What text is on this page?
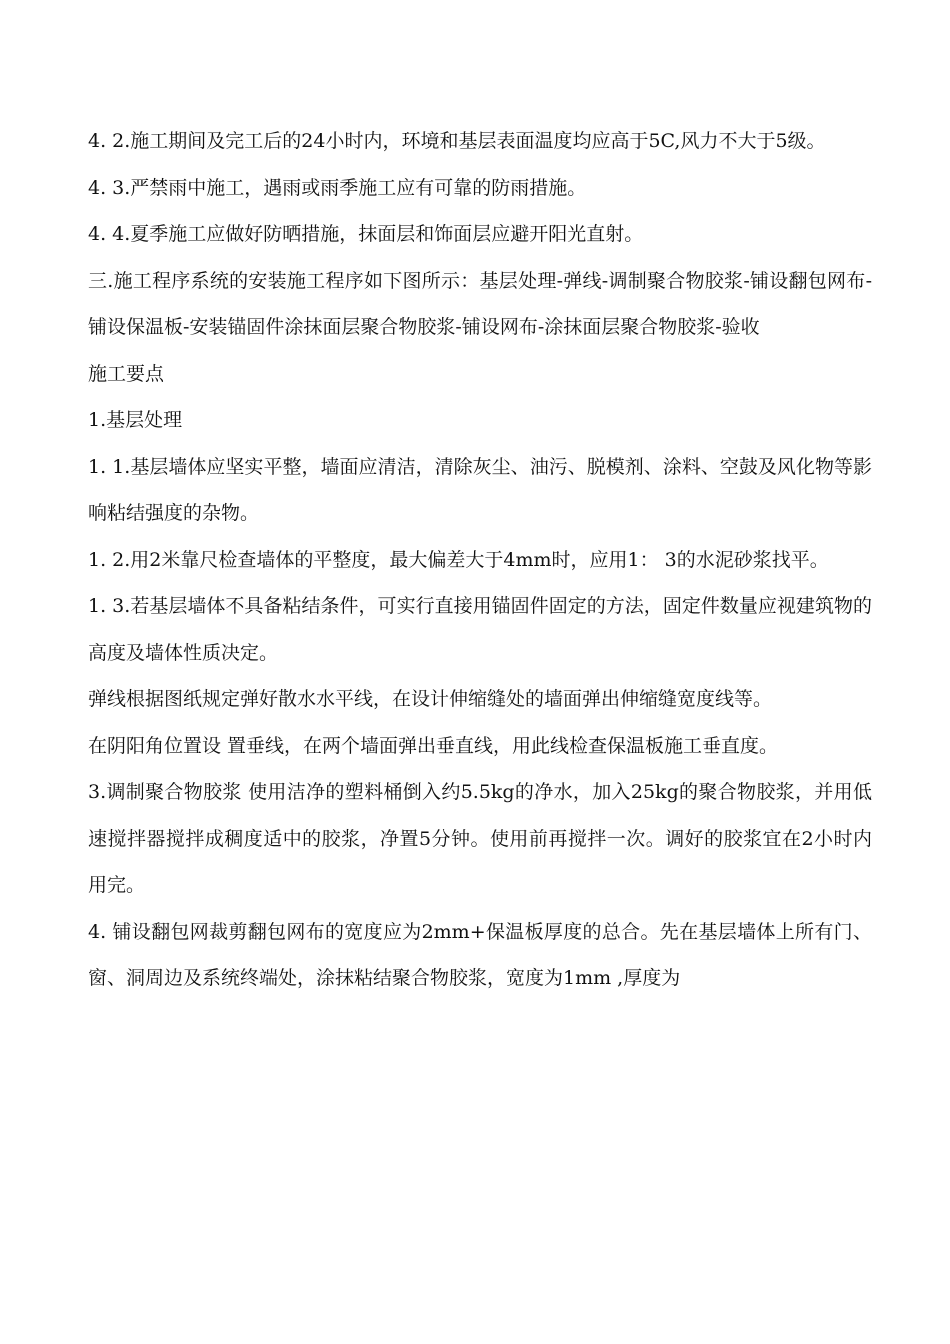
4. 2.施工期间及完工后的24小时内，环境和基层表面温度均应高于5C,风力不大于5级。

4. 3.严禁雨中施工，遇雨或雨季施工应有可靠的防雨措施。

4. 4.夏季施工应做好防晒措施，抹面层和饰面层应避开阳光直射。

三.施工程序系统的安装施工程序如下图所示：基层处理-弹线-调制聚合物胶浆-铺设翻包网布-铺设保温板-安装锚固件涂抹面层聚合物胶浆-铺设网布-涂抹面层聚合物胶浆-验收

施工要点

1.基层处理

1. 1.基层墙体应坚实平整，墙面应清洁，清除灰尘、油污、脱模剂、涂料、空鼓及风化物等影响粘结强度的杂物。

1. 2.用2米靠尺检查墙体的平整度，最大偏差大于4mm时，应用1： 3的水泥砂浆找平。

1. 3.若基层墙体不具备粘结条件，可实行直接用锚固件固定的方法，固定件数量应视建筑物的高度及墙体性质决定。

弹线根据图纸规定弹好散水水平线，在设计伸缩缝处的墙面弹出伸缩缝宽度线等。

在阴阳角位置设 置垂线，在两个墙面弹出垂直线，用此线检查保温板施工垂直度。

3.调制聚合物胶浆 使用洁净的塑料桶倒入约5.5kg的净水，加入25kg的聚合物胶浆，并用低速搅拌器搅拌成稠度适中的胶浆，净置5分钟。使用前再搅拌一次。调好的胶浆宜在2小时内用完。

4. 铺设翻包网裁剪翻包网布的宽度应为2mm+保温板厚度的总合。先在基层墙体上所有门、窗、洞周边及系统终端处，涂抹粘结聚合物胶浆，宽度为1mm ,厚度为
